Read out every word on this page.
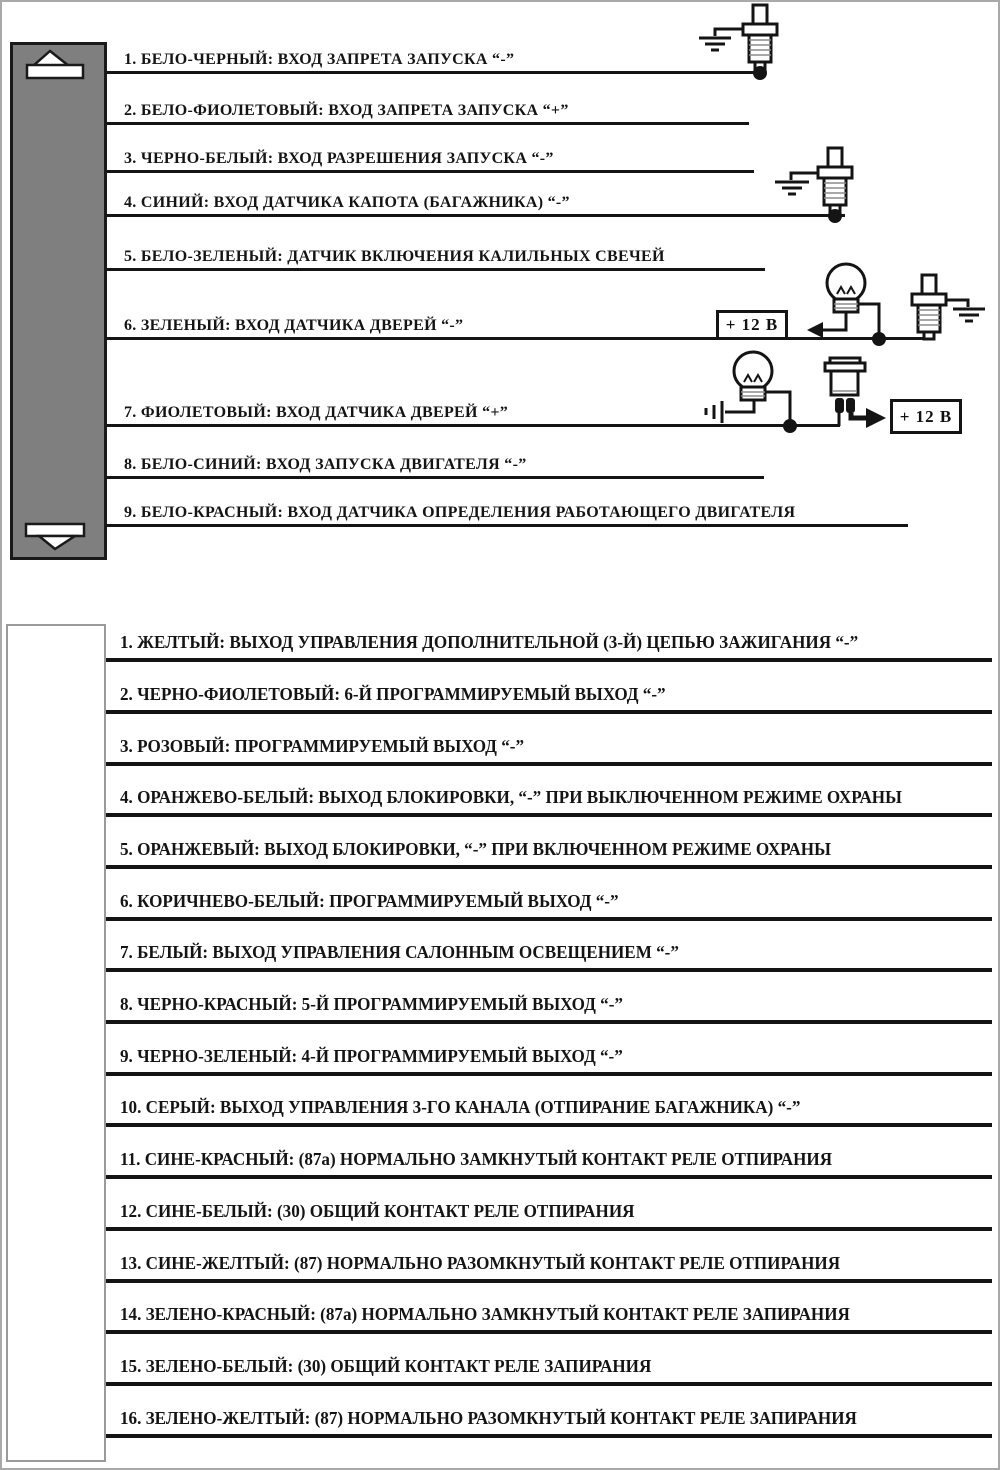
1. БЕЛО-ЧЕРНЫЙ: ВХОД ЗАПРЕТА ЗАПУСКА “-”
2. БЕЛО-ФИОЛЕТОВЫЙ: ВХОД ЗАПРЕТА ЗАПУСКА “+”
3. ЧЕРНО-БЕЛЫЙ: ВХОД РАЗРЕШЕНИЯ ЗАПУСКА “-”
4. СИНИЙ: ВХОД ДАТЧИКА КАПОТА (БАГАЖНИКА) “-”
5. БЕЛО-ЗЕЛЕНЫЙ: ДАТЧИК ВКЛЮЧЕНИЯ КАЛИЛЬНЫХ СВЕЧЕЙ
6. ЗЕЛЕНЫЙ: ВХОД ДАТЧИКА ДВЕРЕЙ “-”
7. ФИОЛЕТОВЫЙ: ВХОД ДАТЧИКА ДВЕРЕЙ “+”
8. БЕЛО-СИНИЙ: ВХОД ЗАПУСКА ДВИГАТЕЛЯ “-”
9. БЕЛО-КРАСНЫЙ: ВХОД ДАТЧИКА ОПРЕДЕЛЕНИЯ РАБОТАЮЩЕГО ДВИГАТЕЛЯ
+ 12 В
+ 12 В
1. ЖЕЛТЫЙ: ВЫХОД УПРАВЛЕНИЯ ДОПОЛНИТЕЛЬНОЙ (3-Й) ЦЕПЬЮ ЗАЖИГАНИЯ “-”
2. ЧЕРНО-ФИОЛЕТОВЫЙ: 6-Й ПРОГРАММИРУЕМЫЙ ВЫХОД “-”
3. РОЗОВЫЙ: ПРОГРАММИРУЕМЫЙ ВЫХОД “-”
4. ОРАНЖЕВО-БЕЛЫЙ: ВЫХОД БЛОКИРОВКИ, “-” ПРИ ВЫКЛЮЧЕННОМ РЕЖИМЕ ОХРАНЫ
5. ОРАНЖЕВЫЙ: ВЫХОД БЛОКИРОВКИ, “-” ПРИ ВКЛЮЧЕННОМ РЕЖИМЕ ОХРАНЫ
6. КОРИЧНЕВО-БЕЛЫЙ: ПРОГРАММИРУЕМЫЙ ВЫХОД “-”
7. БЕЛЫЙ: ВЫХОД УПРАВЛЕНИЯ САЛОННЫМ ОСВЕЩЕНИЕМ “-”
8. ЧЕРНО-КРАСНЫЙ: 5-Й ПРОГРАММИРУЕМЫЙ ВЫХОД “-”
9. ЧЕРНО-ЗЕЛЕНЫЙ: 4-Й ПРОГРАММИРУЕМЫЙ ВЫХОД “-”
10. СЕРЫЙ: ВЫХОД УПРАВЛЕНИЯ 3-ГО КАНАЛА (ОТПИРАНИЕ БАГАЖНИКА) “-”
11. СИНЕ-КРАСНЫЙ: (87а) НОРМАЛЬНО ЗАМКНУТЫЙ КОНТАКТ РЕЛЕ ОТПИРАНИЯ
12. СИНЕ-БЕЛЫЙ: (30) ОБЩИЙ КОНТАКТ РЕЛЕ ОТПИРАНИЯ
13. СИНЕ-ЖЕЛТЫЙ: (87) НОРМАЛЬНО РАЗОМКНУТЫЙ КОНТАКТ РЕЛЕ ОТПИРАНИЯ
14. ЗЕЛЕНО-КРАСНЫЙ: (87а) НОРМАЛЬНО ЗАМКНУТЫЙ КОНТАКТ РЕЛЕ ЗАПИРАНИЯ
15. ЗЕЛЕНО-БЕЛЫЙ: (30) ОБЩИЙ КОНТАКТ РЕЛЕ ЗАПИРАНИЯ
16. ЗЕЛЕНО-ЖЕЛТЫЙ: (87) НОРМАЛЬНО РАЗОМКНУТЫЙ КОНТАКТ РЕЛЕ ЗАПИРАНИЯ
